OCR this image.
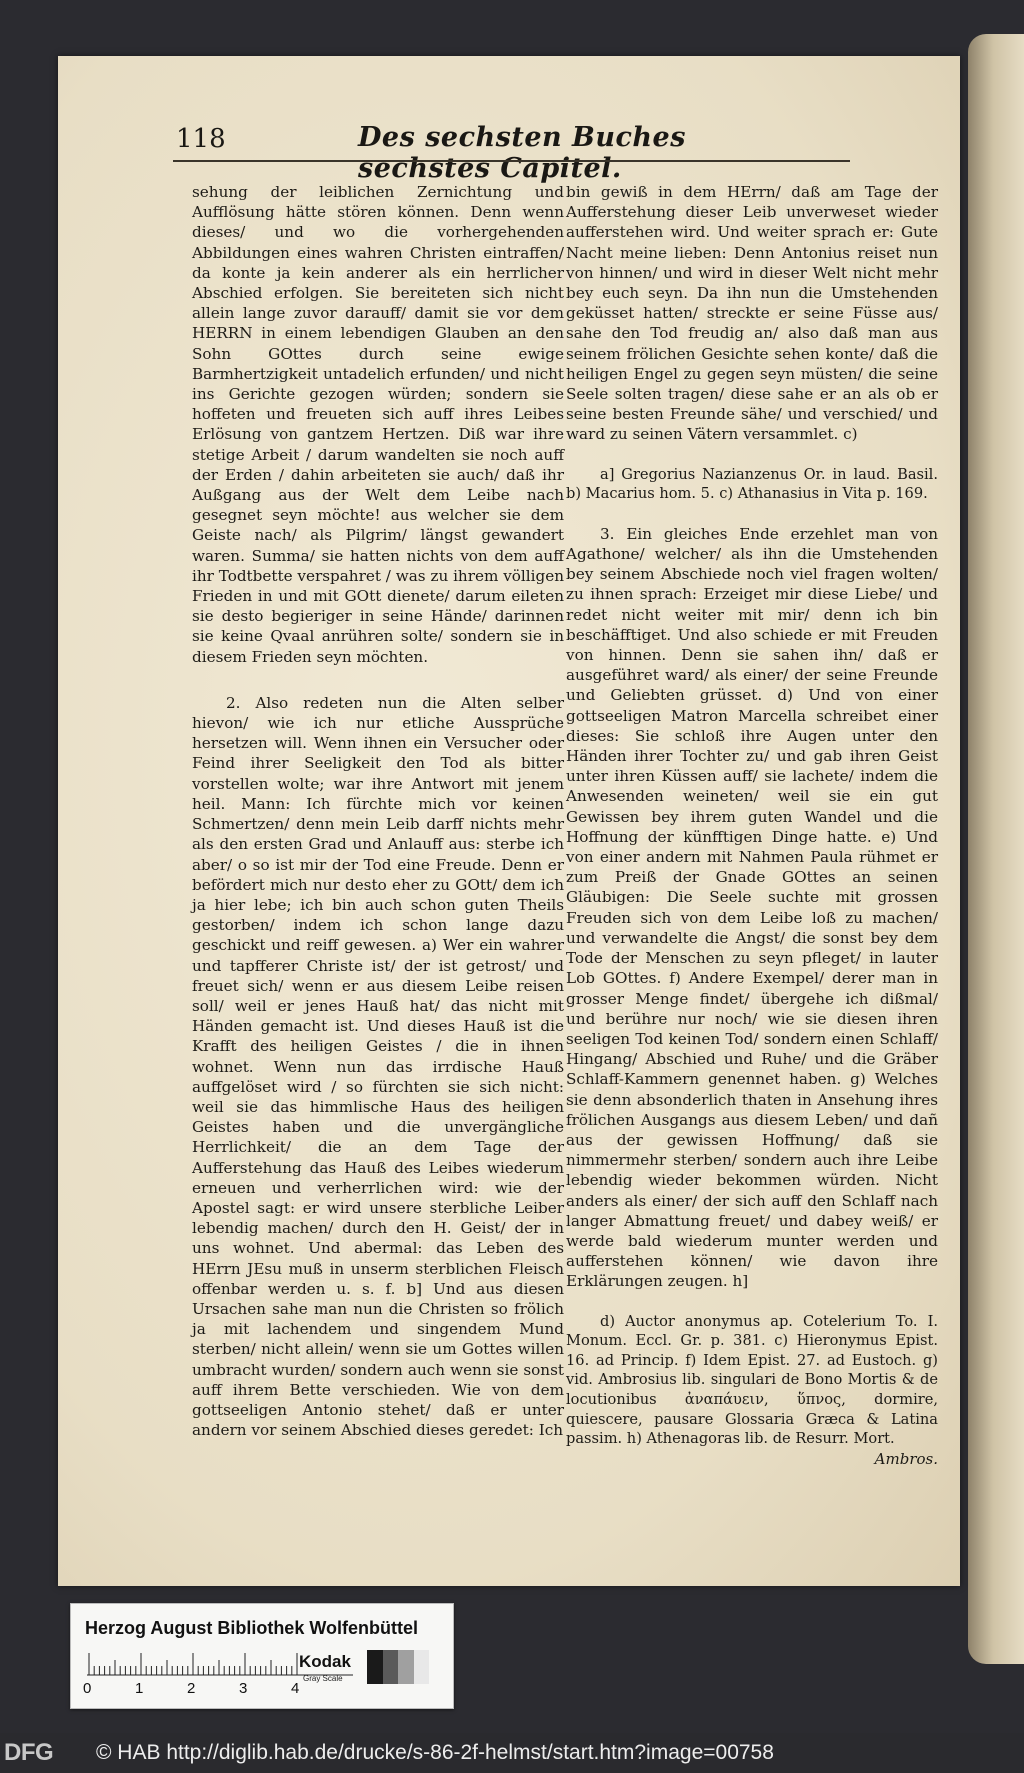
118	Des sechsten Buches sechstes Capitel.

sehung der leiblichen Zernichtung und Aufflösung hätte stören können. Denn wenn dieses/ und wo die vorhergehenden Abbildungen eines wahren Christen eintraffen/ da konte ja kein anderer als ein herrlicher Abschied erfolgen. Sie bereiteten sich nicht allein lange zuvor darauff/ damit sie vor dem HERRN in einem lebendigen Glauben an den Sohn GOttes durch seine ewige Barmhertzigkeit untadelich erfunden/ und nicht ins Gerichte gezogen würden; sondern sie hoffeten und freueten sich auff ihres Leibes Erlösung von gantzem Hertzen. Diß war ihre stetige Arbeit / darum wandelten sie noch auff der Erden / dahin arbeiteten sie auch/ daß ihr Außgang aus der Welt dem Leibe nach gesegnet seyn möchte! aus welcher sie dem Geiste nach/ als Pilgrim/ längst gewandert waren. Summa/ sie hatten nichts von dem auff ihr Todtbette verspahret / was zu ihrem völligen Frieden in und mit GOtt dienete/ darum eileten sie desto begieriger in seine Hände/ darinnen sie keine Qvaal anrühren solte/ sondern sie in diesem Frieden seyn möchten.

2. Also redeten nun die Alten selber hievon/ wie ich nur etliche Aussprüche hersetzen will. Wenn ihnen ein Versucher oder Feind ihrer Seeligkeit den Tod als bitter vorstellen wolte; war ihre Antwort mit jenem heil. Mann: Ich fürchte mich vor keinen Schmertzen/ denn mein Leib darff nichts mehr als den ersten Grad und Anlauff aus: sterbe ich aber/ o so ist mir der Tod eine Freude. Denn er befördert mich nur desto eher zu GOtt/ dem ich ja hier lebe; ich bin auch schon guten Theils gestorben/ indem ich schon lange dazu geschickt und reiff gewesen. a) Wer ein wahrer und tapfferer Christe ist/ der ist getrost/ und freuet sich/ wenn er aus diesem Leibe reisen soll/ weil er jenes Hauß hat/ das nicht mit Händen gemacht ist. Und dieses Hauß ist die Krafft des heiligen Geistes / die in ihnen wohnet. Wenn nun das irrdische Hauß auffgelöset wird / so fürchten sie sich nicht: weil sie das himmlische Haus des heiligen Geistes haben und die unvergängliche Herrlichkeit/ die an dem Tage der Aufferstehung das Hauß des Leibes wiederum erneuen und verherrlichen wird: wie der Apostel sagt: er wird unsere sterbliche Leiber lebendig machen/ durch den H. Geist/ der in uns wohnet. Und abermal: das Leben des HErrn JEsu muß in unserm sterblichen Fleisch offenbar werden u. s. f. b] Und aus diesen Ursachen sahe man nun die Christen so frölich ja mit lachendem und singendem Mund sterben/ nicht allein/ wenn sie um Gottes willen umbracht wurden/ sondern auch wenn sie sonst auff ihrem Bette verschieden. Wie von dem gottseeligen Antonio stehet/ daß er unter andern vor seinem Abschied dieses geredet: Ich

bin gewiß in dem HErrn/ daß am Tage der Aufferstehung dieser Leib unverweset wieder aufferstehen wird. Und weiter sprach er: Gute Nacht meine lieben: Denn Antonius reiset nun von hinnen/ und wird in dieser Welt nicht mehr bey euch seyn. Da ihn nun die Umstehenden geküsset hatten/ streckte er seine Füsse aus/ sahe den Tod freudig an/ also daß man aus seinem frölichen Gesichte sehen konte/ daß die heiligen Engel zu gegen seyn müsten/ die seine Seele solten tragen/ diese sahe er an als ob er seine besten Freunde sähe/ und verschied/ und ward zu seinen Vätern versammlet. c)

a] Gregorius Nazianzenus Or. in laud. Basil. b) Macarius hom. 5. c) Athanasius in Vita p. 169.

3. Ein gleiches Ende erzehlet man von Agathone/ welcher/ als ihn die Umstehenden bey seinem Abschiede noch viel fragen wolten/ zu ihnen sprach: Erzeiget mir diese Liebe/ und redet nicht weiter mit mir/ denn ich bin beschäfftiget. Und also schiede er mit Freuden von hinnen. Denn sie sahen ihn/ daß er ausgeführet ward/ als einer/ der seine Freunde und Geliebten grüsset. d) Und von einer gottseeligen Matron Marcella schreibet einer dieses: Sie schloß ihre Augen unter den Händen ihrer Tochter zu/ und gab ihren Geist unter ihren Küssen auff/ sie lachete/ indem die Anwesenden weineten/ weil sie ein gut Gewissen bey ihrem guten Wandel und die Hoffnung der künfftigen Dinge hatte. e) Und von einer andern mit Nahmen Paula rühmet er zum Preiß der Gnade GOttes an seinen Gläubigen: Die Seele suchte mit grossen Freuden sich von dem Leibe loß zu machen/ und verwandelte die Angst/ die sonst bey dem Tode der Menschen zu seyn pfleget/ in lauter Lob GOttes. f) Andere Exempel/ derer man in grosser Menge findet/ übergehe ich dißmal/ und berühre nur noch/ wie sie diesen ihren seeligen Tod keinen Tod/ sondern einen Schlaff/ Hingang/ Abschied und Ruhe/ und die Gräber Schlaff-Kammern genennet haben. g) Welches sie denn absonderlich thaten in Ansehung ihres frölichen Ausgangs aus diesem Leben/ und dañ aus der gewissen Hoffnung/ daß sie nimmermehr sterben/ sondern auch ihre Leibe lebendig wieder bekommen würden. Nicht anders als einer/ der sich auff den Schlaff nach langer Abmattung freuet/ und dabey weiß/ er werde bald wiederum munter werden und aufferstehen können/ wie davon ihre Erklärungen zeugen. h]

d) Auctor anonymus ap. Cotelerium To. I. Monum. Eccl. Gr. p. 381. c) Hieronymus Epist. 16. ad Princip. f) Idem Epist. 27. ad Eustoch. g) vid. Ambrosius lib. singulari de Bono Mortis & de locutionibus ἀναπάυειν, ὕπνος, dormire, quiescere, pausare Glossaria Græca & Latina passim. h) Athenagoras lib. de Resurr. Mort.

Ambros.

Herzog August Bibliothek Wolfenbüttel
0	1	2	3	4
Kodak
Gray Scale
DFG © HAB http://diglib.hab.de/drucke/s-86-2f-helmst/start.htm?image=00758
